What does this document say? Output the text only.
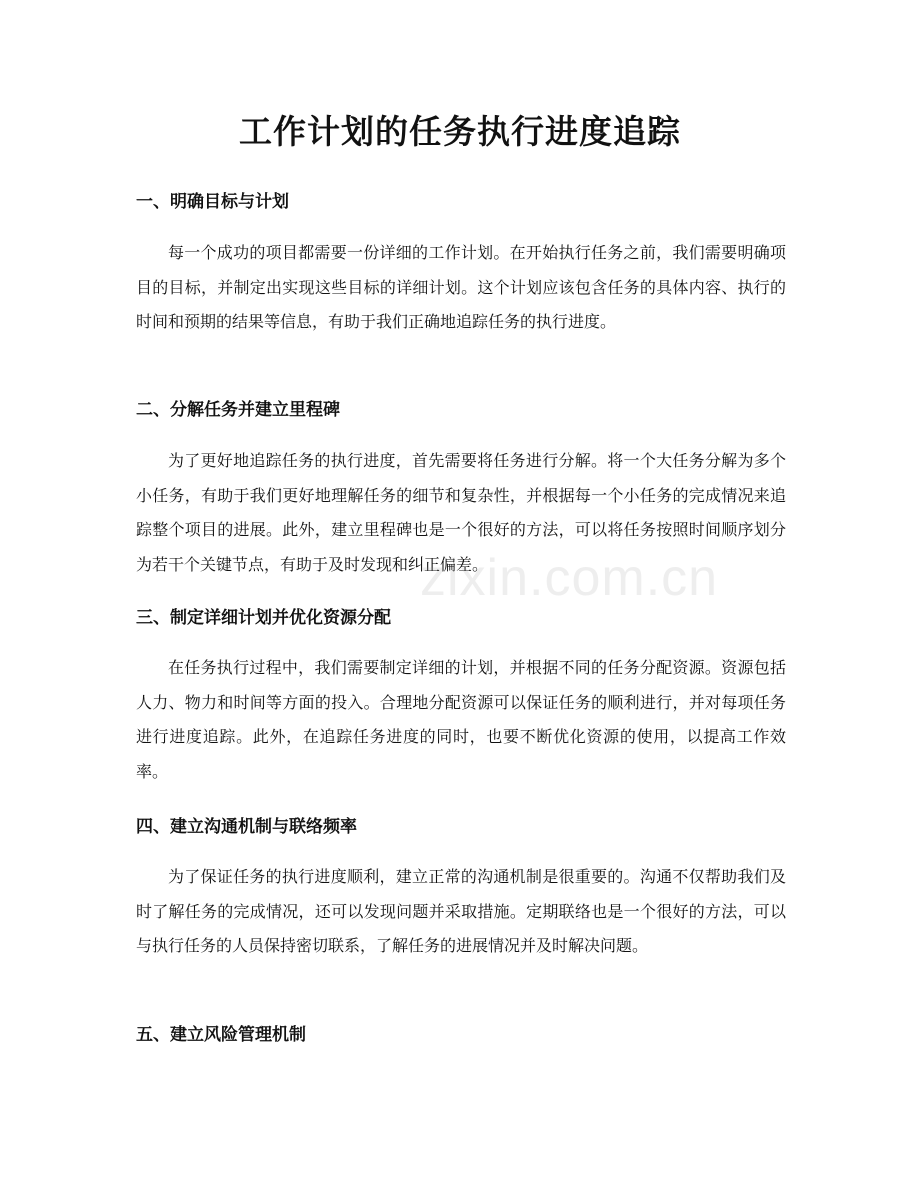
工作计划的任务执行进度追踪
一、明确目标与计划

每一个成功的项目都需要一份详细的工作计划。在开始执行任务之前，我们需要明确项目的目标，并制定出实现这些目标的详细计划。这个计划应该包含任务的具体内容、执行的时间和预期的结果等信息，有助于我们正确地追踪任务的执行进度。

二、分解任务并建立里程碑

为了更好地追踪任务的执行进度，首先需要将任务进行分解。将一个大任务分解为多个小任务，有助于我们更好地理解任务的细节和复杂性，并根据每一个小任务的完成情况来追踪整个项目的进展。此外，建立里程碑也是一个很好的方法，可以将任务按照时间顺序划分为若干个关键节点，有助于及时发现和纠正偏差。

三、制定详细计划并优化资源分配

在任务执行过程中，我们需要制定详细的计划，并根据不同的任务分配资源。资源包括人力、物力和时间等方面的投入。合理地分配资源可以保证任务的顺利进行，并对每项任务进行进度追踪。此外，在追踪任务进度的同时，也要不断优化资源的使用，以提高工作效率。

四、建立沟通机制与联络频率

为了保证任务的执行进度顺利，建立正常的沟通机制是很重要的。沟通不仅帮助我们及时了解任务的完成情况，还可以发现问题并采取措施。定期联络也是一个很好的方法，可以与执行任务的人员保持密切联系，了解任务的进展情况并及时解决问题。

五、建立风险管理机制
zixin.com.cn
